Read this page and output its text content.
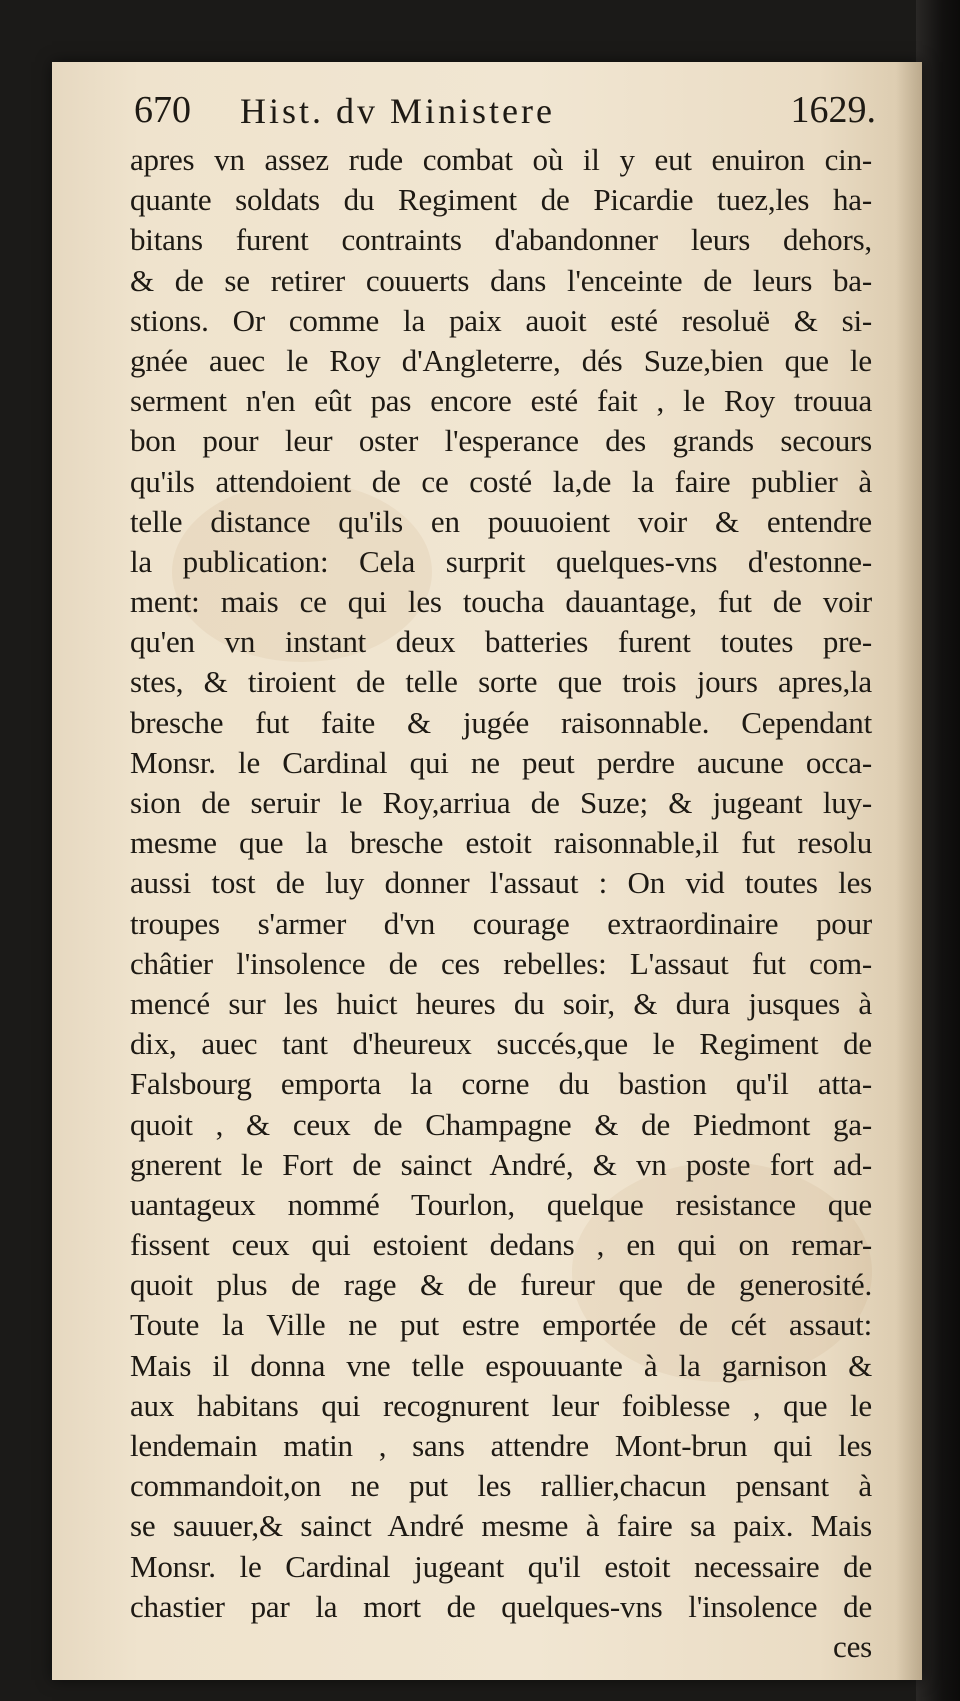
670 Hist. dv Ministere	1629.
apres vn assez rude combat où il y eut enuiron cin-
quante soldats du Regiment de Picardie tuez,les ha-
bitans furent contraints d'abandonner leurs dehors,
& de se retirer couuerts dans l'enceinte de leurs ba-
stions. Or comme la paix auoit esté resoluë & si-
gnée auec le Roy d'Angleterre, dés Suze,bien que le
serment n'en eût pas encore esté fait , le Roy trouua
bon pour leur oster l'esperance des grands secours
qu'ils attendoient de ce costé la,de la faire publier à
telle distance qu'ils en pouuoient voir & entendre
la publication: Cela surprit quelques-vns d'estonne-
ment: mais ce qui les toucha dauantage, fut de voir
qu'en vn instant deux batteries furent toutes pre-
stes, & tiroient de telle sorte que trois jours apres,la
bresche fut faite & jugée raisonnable. Cependant
Monsr. le Cardinal qui ne peut perdre aucune occa-
sion de seruir le Roy,arriua de Suze; & jugeant luy-
mesme que la bresche estoit raisonnable,il fut resolu
aussi tost de luy donner l'assaut : On vid toutes les
troupes s'armer d'vn courage extraordinaire pour
châtier l'insolence de ces rebelles: L'assaut fut com-
mencé sur les huict heures du soir, & dura jusques à
dix, auec tant d'heureux succés,que le Regiment de
Falsbourg emporta la corne du bastion qu'il atta-
quoit , & ceux de Champagne & de Piedmont ga-
gnerent le Fort de sainct André, & vn poste fort ad-
uantageux nommé Tourlon, quelque resistance que
fissent ceux qui estoient dedans , en qui on remar-
quoit plus de rage & de fureur que de generosité.
Toute la Ville ne put estre emportée de cét assaut:
Mais il donna vne telle espouuante à la garnison &
aux habitans qui recognurent leur foiblesse , que le
lendemain matin , sans attendre Mont-brun qui les
commandoit,on ne put les rallier,chacun pensant à
se sauuer,& sainct André mesme à faire sa paix. Mais
Monsr. le Cardinal jugeant qu'il estoit necessaire de
chastier par la mort de quelques-vns l'insolence de
ces
